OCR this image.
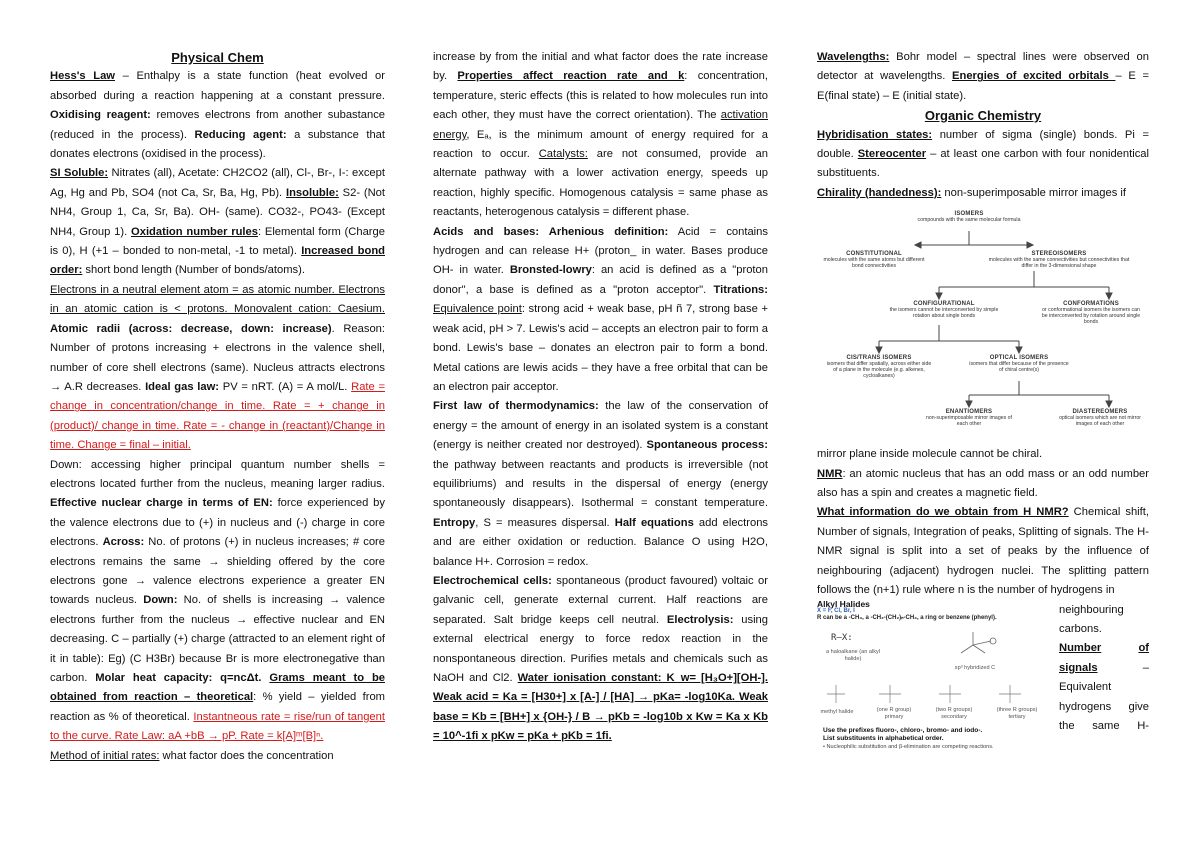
Physical Chem

Hess's Law – Enthalpy is a state function (heat evolved or absorbed during a reaction happening at a constant pressure. Oxidising reagent: removes electrons from another subastance (reduced in the process). Reducing agent: a substance that donates electrons (oxidised in the process).

SI Soluble: Nitrates (all), Acetate: CH2CO2 (all), Cl-, Br-, I-: except Ag, Hg and Pb, SO4 (not Ca, Sr, Ba, Hg, Pb). Insoluble: S2- (Not NH4, Group 1, Ca, Sr, Ba). OH- (same). CO32-, PO43- (Except NH4, Group 1). Oxidation number rules: Elemental form (Charge is 0), H (+1 – bonded to non-metal, -1 to metal). Increased bond order: short bond length (Number of bonds/atoms).

Electrons in a neutral element atom = as atomic number. Electrons in an atomic cation is < protons. Monovalent cation: Caesium. Atomic radii (across: decrease, down: increase). Reason: Number of protons increasing + electrons in the valence shell, number of core shell electrons (same). Nucleus attracts electrons → A.R decreases. Ideal gas law: PV = nRT. (A) = A mol/L. Rate = change in concentration/change in time. Rate = + change in (product)/ change in time. Rate = - change in (reactant)/Change in time. Change = final – initial.

Down: accessing higher principal quantum number shells = electrons located further from the nucleus, meaning larger radius. Effective nuclear charge in terms of EN: force experienced by the valence electrons due to (+) in nucleus and (-) charge in core electrons. Across: No. of protons (+) in nucleus increases; # core electrons remains the same → shielding offered by the core electrons gone → valence electrons experience a greater EN towards nucleus. Down: No. of shells is increasing → valence electrons further from the nucleus → effective nuclear and EN decreasing. C – partially (+) charge (attracted to an element right of it in table): Eg) (C H3Br) because Br is more electronegative than carbon. Molar heat capacity: q=ncΔt. Grams meant to be obtained from reaction – theoretical: % yield – yielded from reaction as % of theoretical. Instantneous rate = rise/run of tangent to the curve. Rate Law: aA +bB → pP. Rate = k[A]ᵐ[B]ⁿ.

Method of initial rates: what factor does the concentration

increase by from the initial and what factor does the rate increase by. Properties affect reaction rate and k: concentration, temperature, steric effects (this is related to how molecules run into each other, they must have the correct orientation). The activation energy, Eₐ, is the minimum amount of energy required for a reaction to occur. Catalysts: are not consumed, provide an alternate pathway with a lower activation energy, speeds up reaction, highly specific. Homogenous catalysis = same phase as reactants, heterogenous catalysis = different phase.

Acids and bases: Arhenious definition: Acid = contains hydrogen and can release H+ (proton_ in water. Bases produce OH- in water. Bronsted-lowry: an acid is defined as a "proton donor", a base is defined as a "proton acceptor". Titrations: Equivalence point: strong acid + weak base, pH ñ 7, strong base + weak acid, pH > 7. Lewis's acid – accepts an electron pair to form a bond. Lewis's base – donates an electron pair to form a bond. Metal cations are lewis acids – they have a free orbital that can be an electron pair acceptor.

First law of thermodynamics: the law of the conservation of energy = the amount of energy in an isolated system is a constant (energy is neither created nor destroyed). Spontaneous process: the pathway between reactants and products is irreversible (not equilibriums) and results in the dispersal of energy (energy spontaneously disappears). Isothermal = constant temperature. Entropy, S = measures dispersal. Half equations add electrons and are either oxidation or reduction. Balance O using H2O, balance H+. Corrosion = redox.

Electrochemical cells: spontaneous (product favoured) voltaic or galvanic cell, generate external current. Half reactions are separated. Salt bridge keeps cell neutral. Electrolysis: using external electrical energy to force redox reaction in the nonspontaneous direction. Purifies metals and chemicals such as NaOH and Cl2. Water ionisation constant: K_w= [H₃O+][OH-]. Weak acid = Ka = [H30+] x [A-] / [HA] → pKa= -log10Ka. Weak base = Kb = [BH+] x {OH-} / B → pKb = -log10b x Kw = Ka x Kb = 10^-1fi x pKw = pKa + pKb = 1fi.

Wavelengths: Bohr model – spectral lines were observed on detector at wavelengths. Energies of excited orbitals – E = E(final state) – E (initial state).

Organic Chemistry

Hybridisation states: number of sigma (single) bonds. Pi = double. Stereocenter – at least one carbon with four nonidentical substituents.

Chirality (handedness): non-superimposable mirror images if

ISOMERS
compounds with the same molecular formula
CONSTITUTIONAL
molecules with the same atoms but different bond connectivities
STEREOISOMERS
molecules with the same connectivities but connectivities that differ in the 3-dimensional shape
CONFIGURATIONAL
the isomers cannot be interconverted by simple rotation about single bonds
CONFORMATIONS
or conformational isomers the isomers can be interconverted by rotation around single bonds
CIS/TRANS ISOMERS
isomers that differ spatially, across either side of a plane in the molecule (e.g. alkenes, cycloalkanes)
OPTICAL ISOMERS
isomers that differ because of the presence of chiral centre(s)
ENANTIOMERS
non-superimposable mirror images of each other
DIASTEREOMERS
optical isomers which are not mirror images of each other

mirror plane inside molecule cannot be chiral.

NMR: an atomic nucleus that has an odd mass or an odd number also has a spin and creates a magnetic field.

What information do we obtain from H NMR? Chemical shift, Number of signals, Integration of peaks, Splitting of signals. The H-NMR signal is split into a set of peaks by the influence of neighbouring (adjacent) hydrogen nuclei. The splitting pattern follows the (n+1) rule where n is the number of hydrogens in

Alkyl Halides
X = F, Cl, Br, I
R can be a -CH₃, a -CH₂-(CH₂)ₙ-CH₃, a ring or benzene (phenyl).
R—X:
a haloalkane (an alkyl halide)
sp³ hybridized C
methyl halide	(one R group) primary
(two R groups) secondary
(three R groups) tertiary
Use the prefixes fluoro-, chloro-, bromo- and iodo-.
List substituents in alphabetical order.
• Nucleophilic substitution and β-elimination are competing reactions.
neighbouring
carbons.
Number	of
signals	–
Equivalent
hydrogens give
the same H-
